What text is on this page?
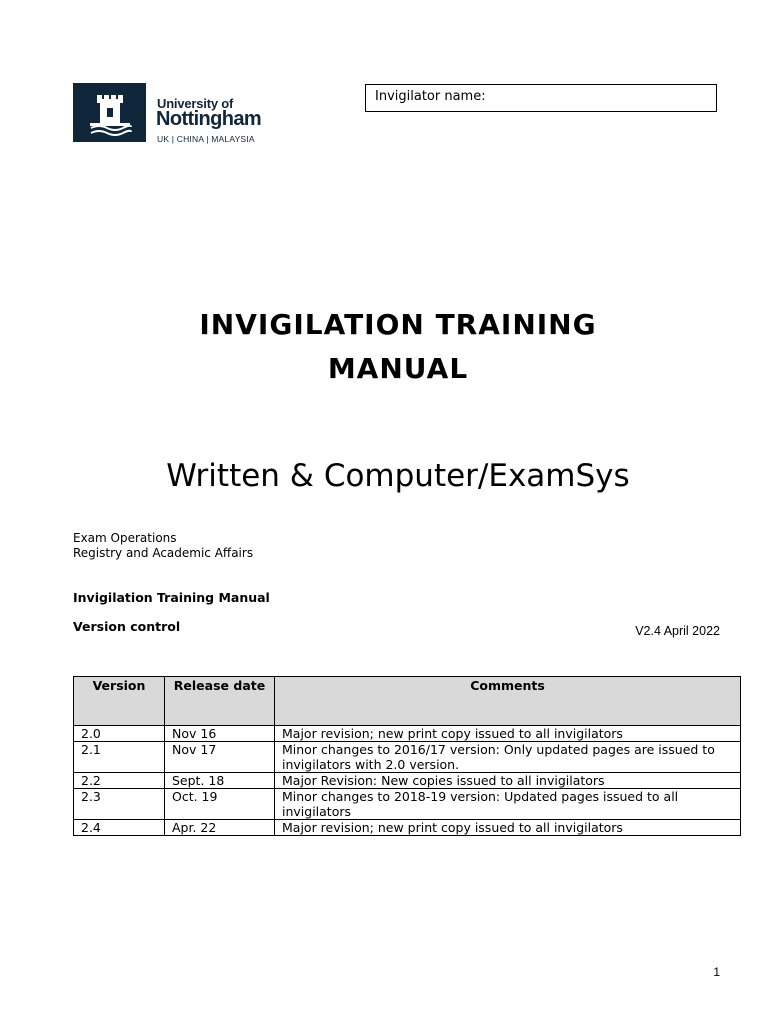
University of
Nottingham
UK | CHINA | MALAYSIA
Invigilator name:
INVIGILATION TRAINING
MANUAL
Written & Computer/ExamSys
Exam Operations
Registry and Academic Affairs
Invigilation Training Manual
Version control	V2.4 April 2022
Version	Release date	Comments
2.0	Nov 16	Major revision; new print copy issued to all invigilators
2.1	Nov 17	Minor changes to 2016/17 version: Only updated pages are issued to invigilators with 2.0 version.
2.2	Sept. 18	Major Revision: New copies issued to all invigilators
2.3	Oct. 19	Minor changes to 2018-19 version: Updated pages issued to all invigilators
2.4	Apr. 22	Major revision; new print copy issued to all invigilators
1
